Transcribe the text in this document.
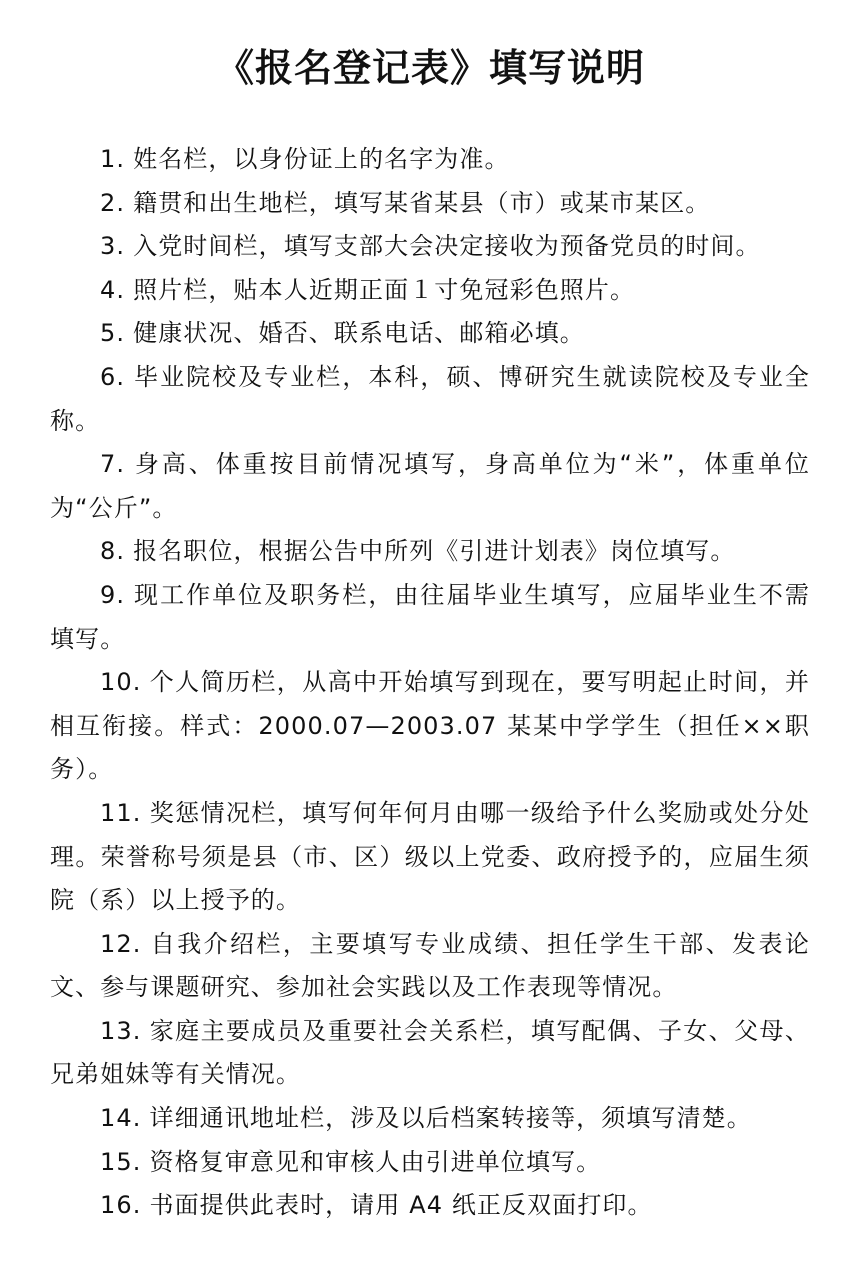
《报名登记表》填写说明

1. 姓名栏，以身份证上的名字为准。

2. 籍贯和出生地栏，填写某省某县（市）或某市某区。

3. 入党时间栏，填写支部大会决定接收为预备党员的时间。

4. 照片栏，贴本人近期正面１寸免冠彩色照片。

5. 健康状况、婚否、联系电话、邮箱必填。

6. 毕业院校及专业栏，本科，硕、博研究生就读院校及专业全称。

7. 身高、体重按目前情况填写，身高单位为“米”，体重单位为“公斤”。

8. 报名职位，根据公告中所列《引进计划表》岗位填写。

9. 现工作单位及职务栏，由往届毕业生填写，应届毕业生不需填写。

10. 个人简历栏，从高中开始填写到现在，要写明起止时间，并相互衔接。样式：2000.07—2003.07 某某中学学生（担任××职务）。

11. 奖惩情况栏，填写何年何月由哪一级给予什么奖励或处分处理。荣誉称号须是县（市、区）级以上党委、政府授予的，应届生须院（系）以上授予的。

12. 自我介绍栏，主要填写专业成绩、担任学生干部、发表论文、参与课题研究、参加社会实践以及工作表现等情况。

13. 家庭主要成员及重要社会关系栏，填写配偶、子女、父母、兄弟姐妹等有关情况。

14. 详细通讯地址栏，涉及以后档案转接等，须填写清楚。

15. 资格复审意见和审核人由引进单位填写。

16. 书面提供此表时，请用 A4 纸正反双面打印。
